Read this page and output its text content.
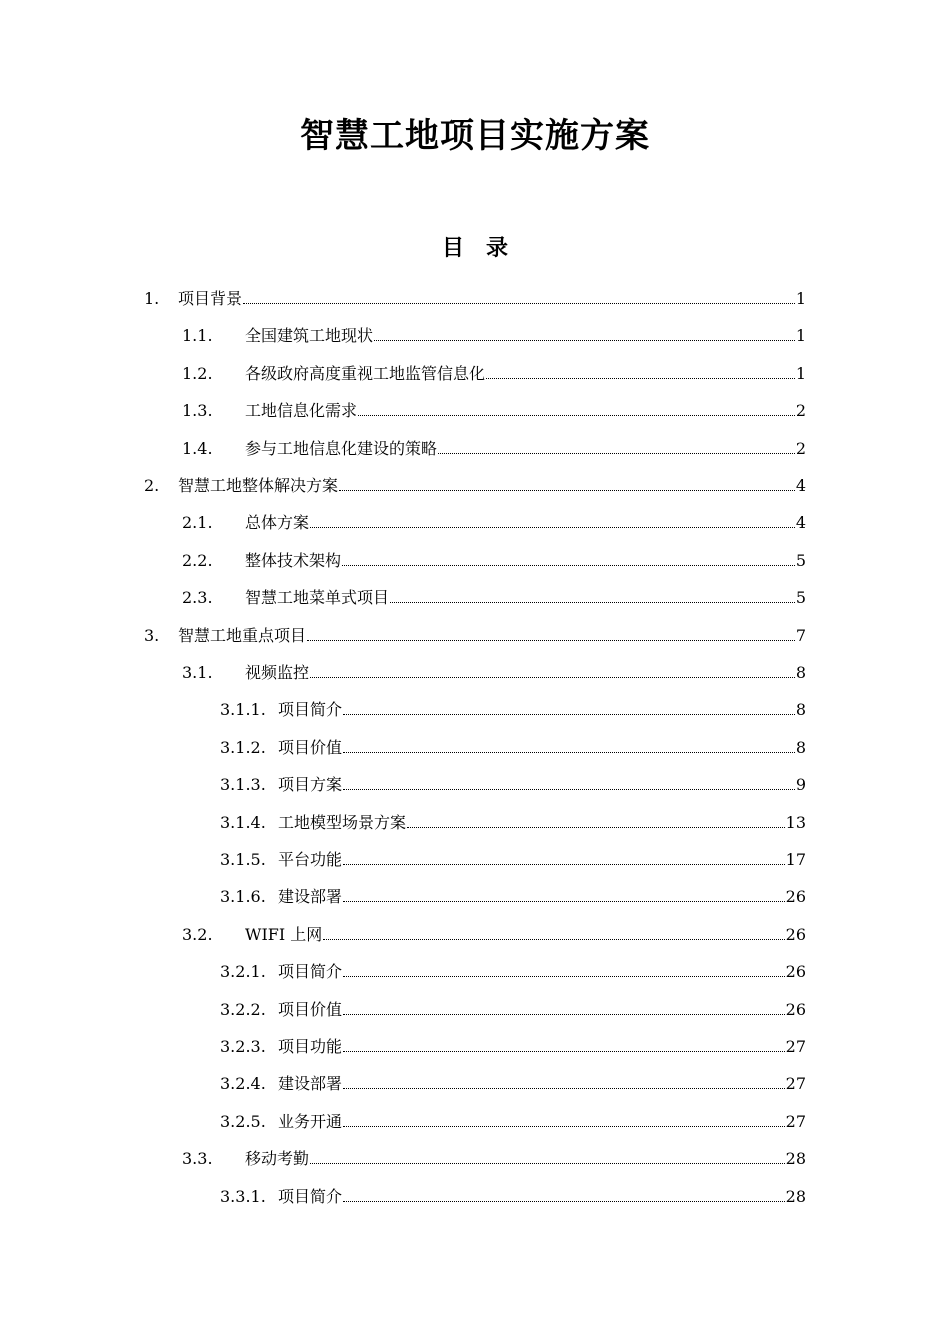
智慧工地项目实施方案
目　录
1.	项目背景	1
1.1.	全国建筑工地现状	1
1.2.	各级政府高度重视工地监管信息化	1
1.3.	工地信息化需求	2
1.4.	参与工地信息化建设的策略	2
2.	智慧工地整体解决方案	4
2.1.	总体方案	4
2.2.	整体技术架构	5
2.3.	智慧工地菜单式项目	5
3.	智慧工地重点项目	7
3.1.	视频监控	8
3.1.1. 项目简介	8
3.1.2. 项目价值	8
3.1.3. 项目方案	9
3.1.4. 工地模型场景方案	13
3.1.5. 平台功能	17
3.1.6. 建设部署	26
3.2.	WIFI 上网	26
3.2.1. 项目简介	26
3.2.2. 项目价值	26
3.2.3. 项目功能	27
3.2.4. 建设部署	27
3.2.5. 业务开通	27
3.3.	移动考勤	28
3.3.1. 项目简介	28
